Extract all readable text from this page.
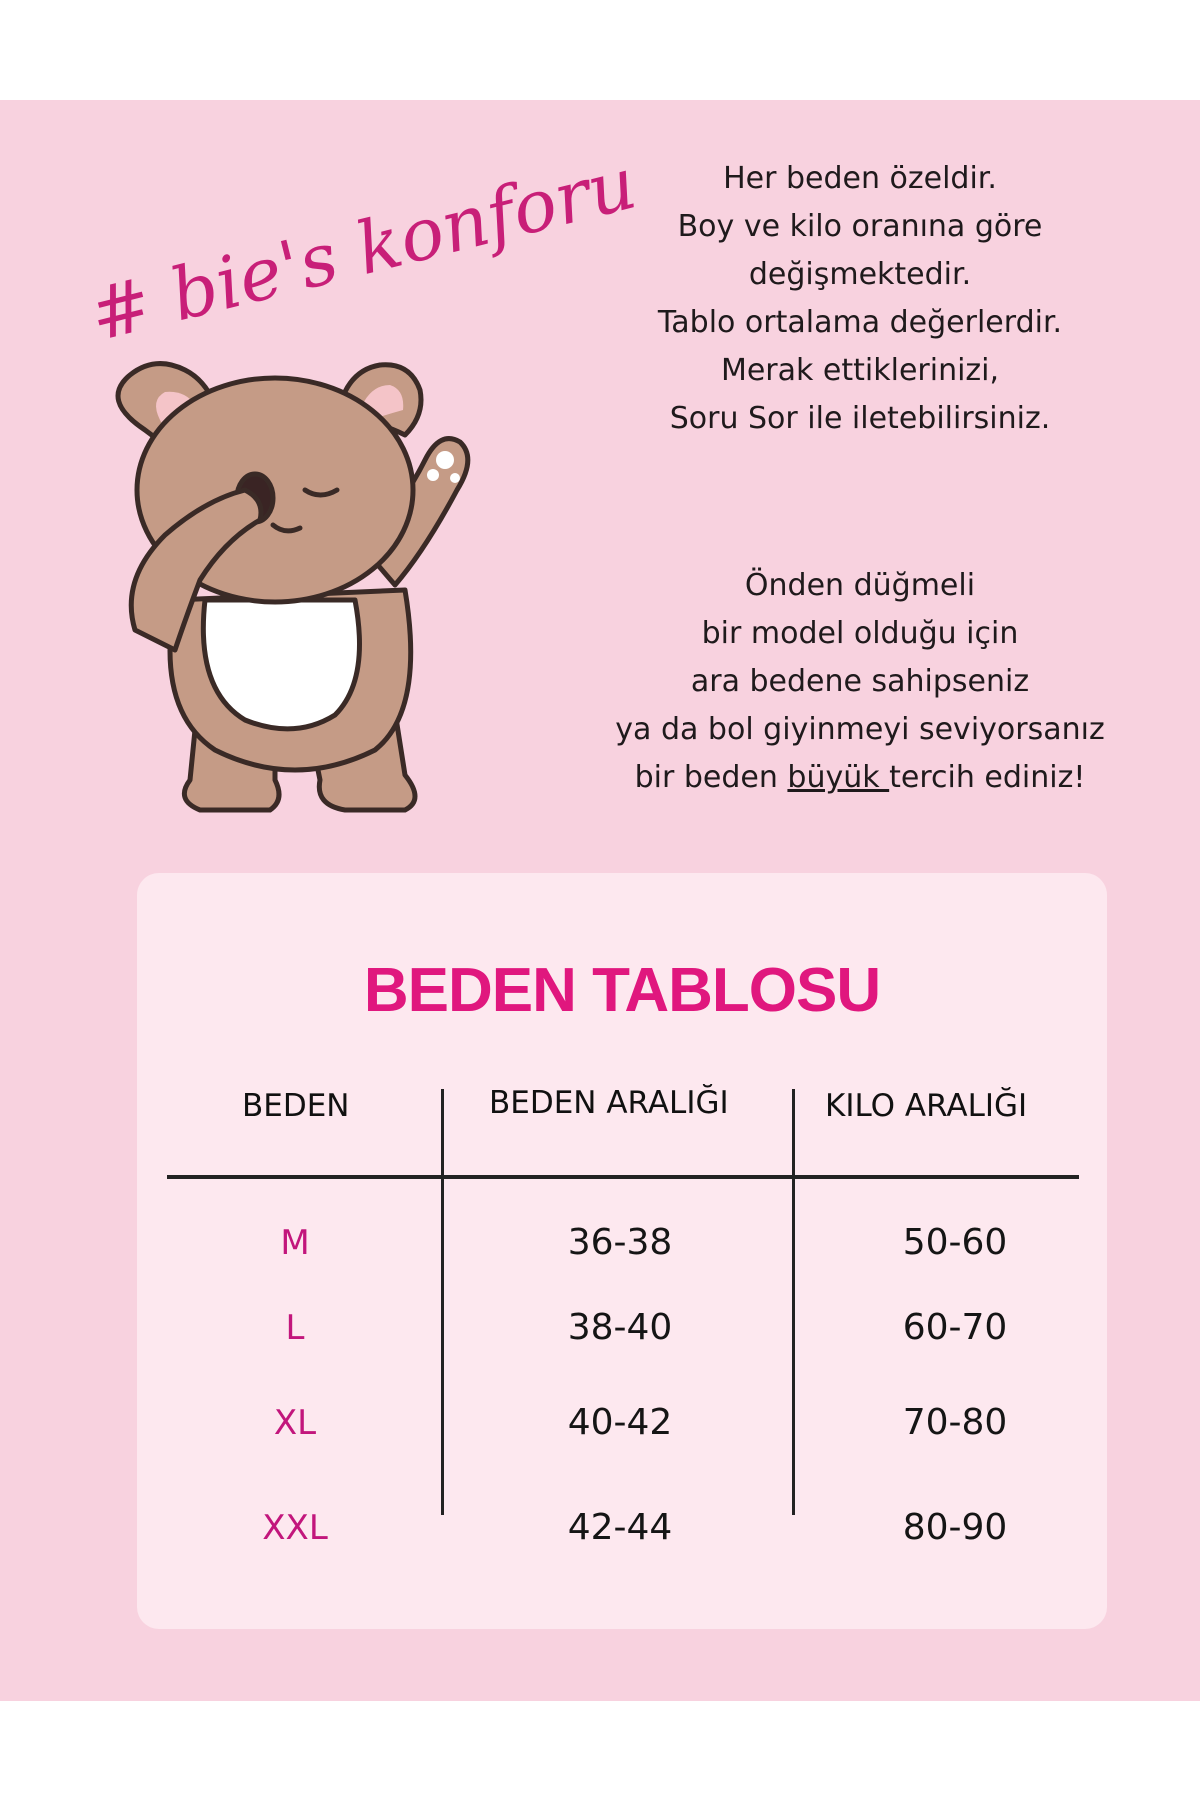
# bie's konforu	Her beden özeldir.

Boy ve kilo oranına göre

değişmektedir.

Tablo ortalama değerlerdir.

Merak ettiklerinizi,

Soru Sor ile iletebilirsiniz.

Önden düğmeli

bir model olduğu için

ara bedene sahipseniz

ya da bol giyinmeyi seviyorsanız

bir beden büyük tercih ediniz!

BEDEN TABLOSU
BEDEN	BEDEN ARALIĞI	KILO ARALIĞI
M	36-38	50-60
L	38-40	60-70
XL	40-42	70-80
XXL	42-44	80-90
